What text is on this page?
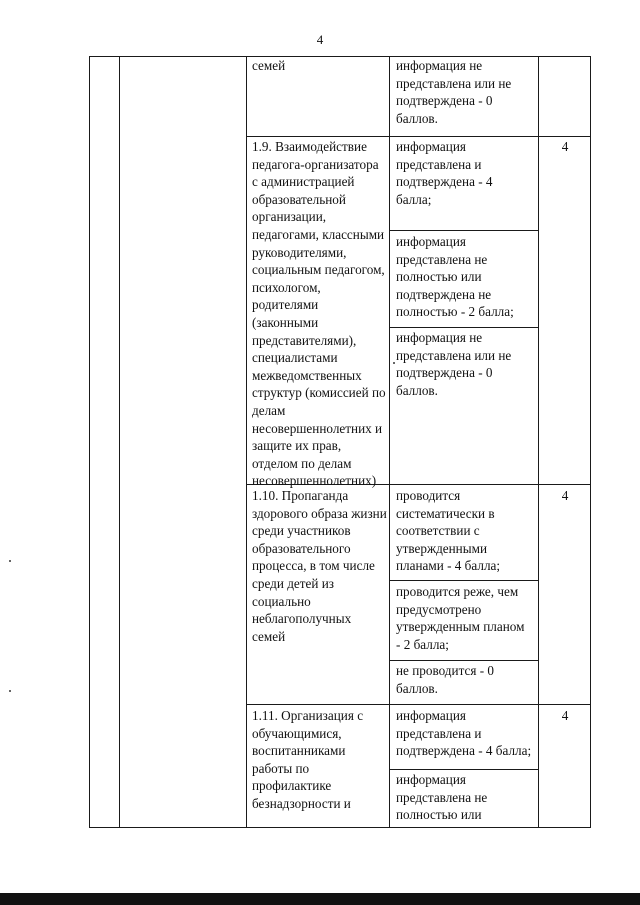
4
семей	информация не
представлена или не
подтверждена - 0
баллов.
1.9. Взаимодействие
педагога-организатора
с администрацией
образовательной
организации,
педагогами, классными
руководителями,
социальным педагогом,
психологом,
родителями
(законными
представителями),
специалистами
межведомственных
структур (комиссией по
делам
несовершеннолетних и
защите их прав,
отделом по делам
несовершеннолетних)
информация
представлена и
подтверждена - 4
балла;
информация
представлена не
полностью или
подтверждена не
полностью - 2 балла;
информация не
представлена или не
подтверждена - 0
баллов.
4
1.10. Пропаганда
здорового образа жизни
среди участников
образовательного
процесса, в том числе
среди детей из
социально
неблагополучных
семей
проводится
систематически в
соответствии с
утвержденными
планами - 4 балла;
проводится реже, чем
предусмотрено
утвержденным планом
- 2 балла;
не проводится - 0
баллов.
4
1.11. Организация с
обучающимися,
воспитанниками
работы по
профилактике
безнадзорности и
информация
представлена и
подтверждена - 4 балла;
информация
представлена не
полностью или
4
